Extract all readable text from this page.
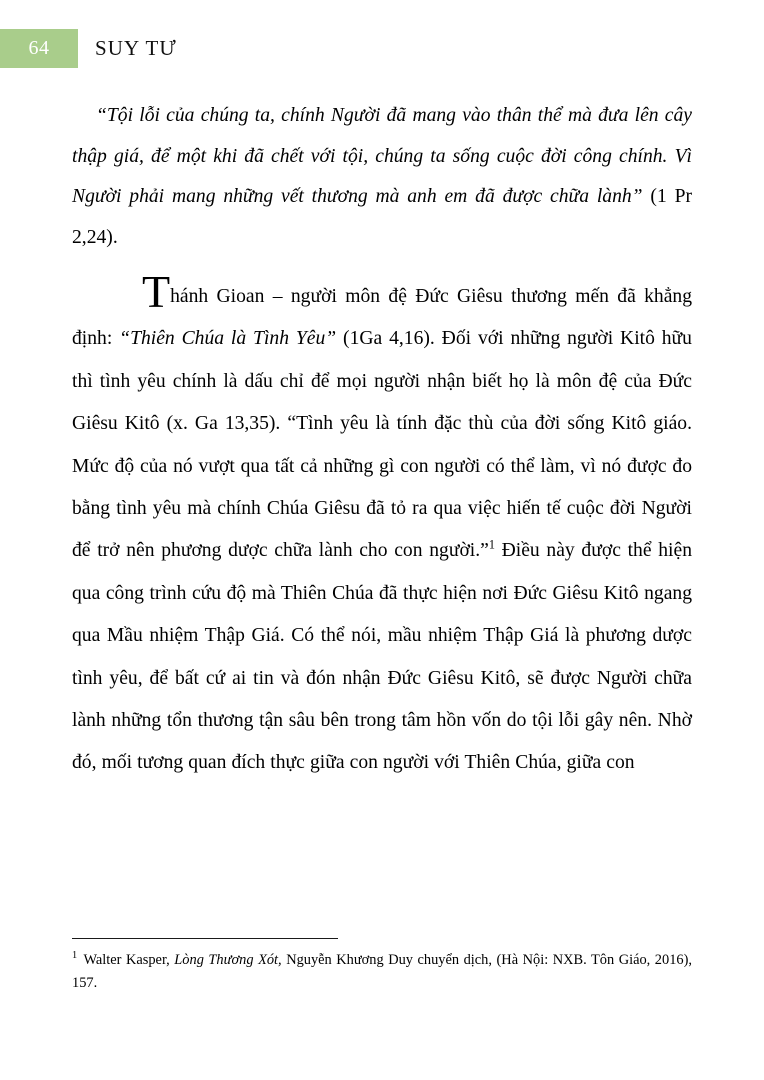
64	SUY TƯ

“Tội lỗi của chúng ta, chính Người đã mang vào thân thể mà đưa lên cây thập giá, để một khi đã chết với tội, chúng ta sống cuộc đời công chính. Vì Người phải mang những vết thương mà anh em đã được chữa lành” (1 Pr 2,24).

Thánh Gioan – người môn đệ Đức Giêsu thương mến đã khẳng định: “Thiên Chúa là Tình Yêu” (1Ga 4,16). Đối với những người Kitô hữu thì tình yêu chính là dấu chỉ để mọi người nhận biết họ là môn đệ của Đức Giêsu Kitô (x. Ga 13,35). “Tình yêu là tính đặc thù của đời sống Kitô giáo. Mức độ của nó vượt qua tất cả những gì con người có thể làm, vì nó được đo bằng tình yêu mà chính Chúa Giêsu đã tỏ ra qua việc hiến tế cuộc đời Người để trở nên phương dược chữa lành cho con người.”$^1$ Điều này được thể hiện qua công trình cứu độ mà Thiên Chúa đã thực hiện nơi Đức Giêsu Kitô ngang qua Mầu nhiệm Thập Giá. Có thể nói, mầu nhiệm Thập Giá là phương dược tình yêu, để bất cứ ai tin và đón nhận Đức Giêsu Kitô, sẽ được Người chữa lành những tổn thương tận sâu bên trong tâm hồn vốn do tội lỗi gây nên. Nhờ đó, mối tương quan đích thực giữa con người với Thiên Chúa, giữa con

$^1$ Walter Kasper, Lòng Thương Xót, Nguyễn Khương Duy chuyển dịch, (Hà Nội: NXB. Tôn Giáo, 2016), 157.
